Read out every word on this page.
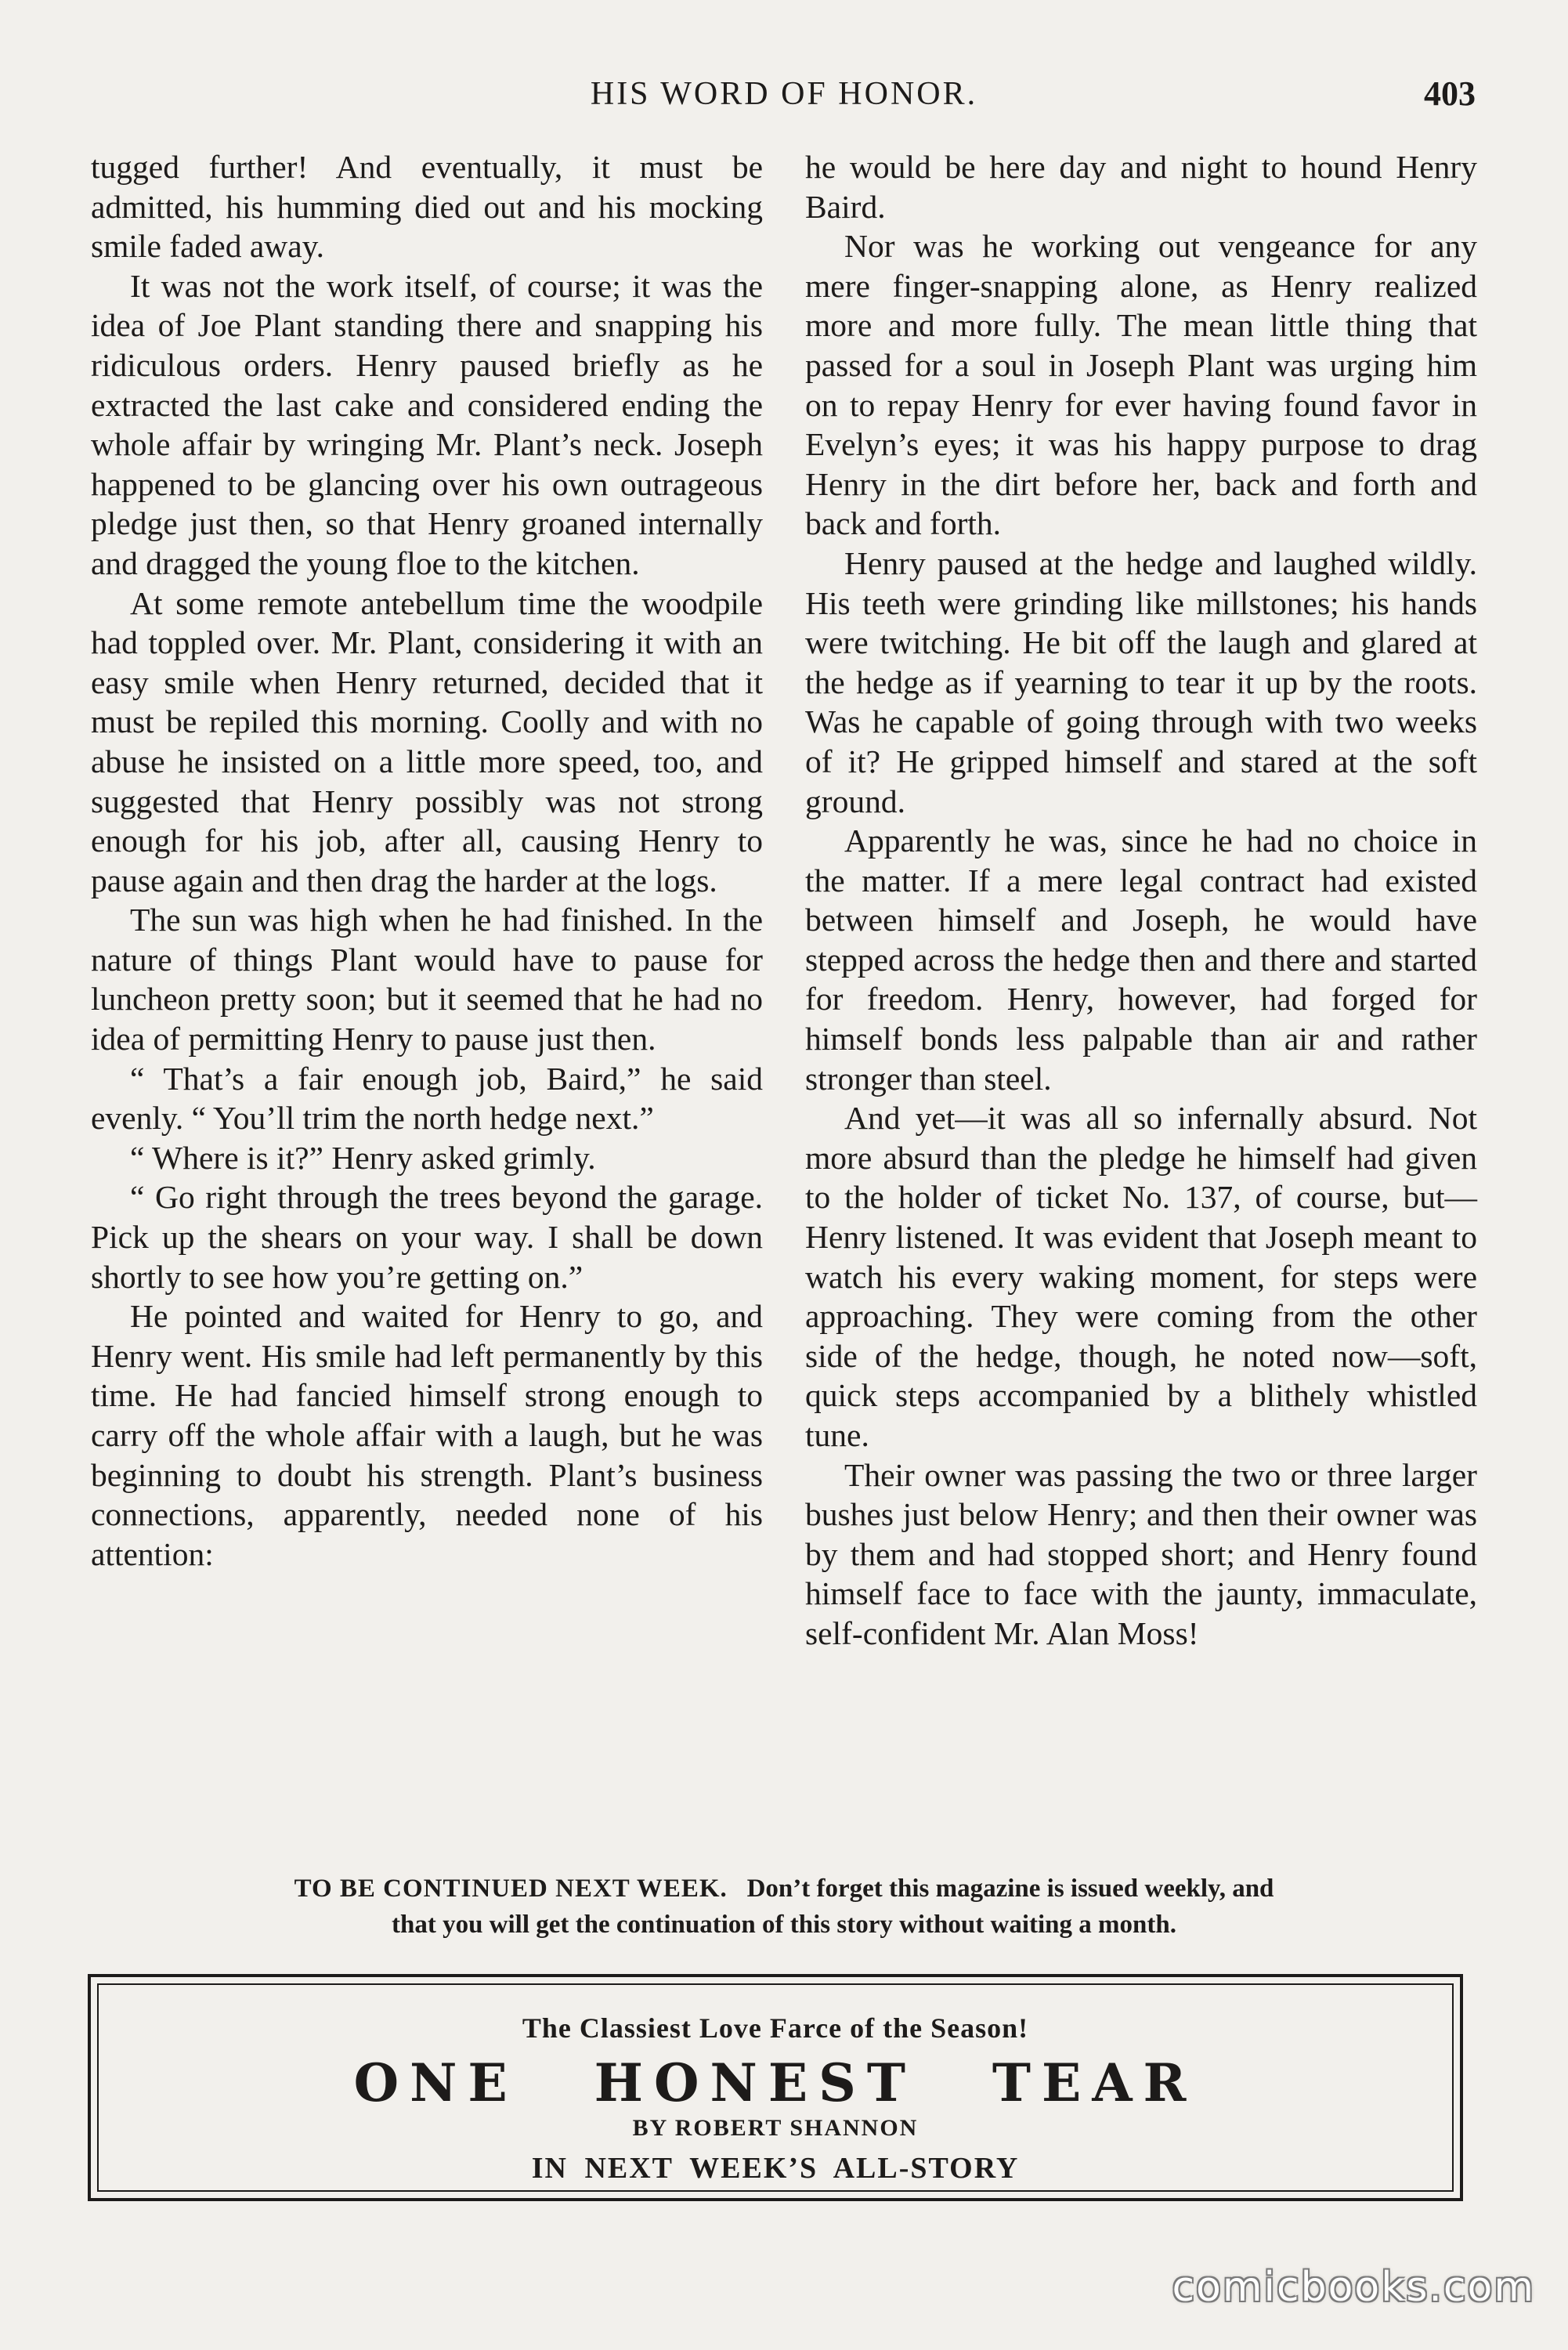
HIS WORD OF HONOR.	403

tugged further! And eventually, it must be admitted, his humming died out and his mocking smile faded away.

It was not the work itself, of course; it was the idea of Joe Plant standing there and snapping his ridiculous orders. Henry paused briefly as he extracted the last cake and considered ending the whole affair by wringing Mr. Plant’s neck. Joseph happened to be glancing over his own outrageous pledge just then, so that Henry groaned internally and dragged the young floe to the kitchen.

At some remote antebellum time the woodpile had toppled over. Mr. Plant, considering it with an easy smile when Henry returned, decided that it must be repiled this morning. Coolly and with no abuse he insisted on a little more speed, too, and suggested that Henry possibly was not strong enough for his job, after all, causing Henry to pause again and then drag the harder at the logs.

The sun was high when he had finished. In the nature of things Plant would have to pause for luncheon pretty soon; but it seemed that he had no idea of permitting Henry to pause just then.

“ That’s a fair enough job, Baird,” he said evenly. “ You’ll trim the north hedge next.”

“ Where is it?” Henry asked grimly.

“ Go right through the trees beyond the garage. Pick up the shears on your way. I shall be down shortly to see how you’re getting on.”

He pointed and waited for Henry to go, and Henry went. His smile had left permanently by this time. He had fancied himself strong enough to carry off the whole affair with a laugh, but he was beginning to doubt his strength. Plant’s business connections, apparently, needed none of his attention:

he would be here day and night to hound Henry Baird.

Nor was he working out vengeance for any mere finger-snapping alone, as Henry realized more and more fully. The mean little thing that passed for a soul in Joseph Plant was urging him on to repay Henry for ever having found favor in Evelyn’s eyes; it was his happy purpose to drag Henry in the dirt before her, back and forth and back and forth.

Henry paused at the hedge and laughed wildly. His teeth were grinding like millstones; his hands were twitching. He bit off the laugh and glared at the hedge as if yearning to tear it up by the roots. Was he capable of going through with two weeks of it? He gripped himself and stared at the soft ground.

Apparently he was, since he had no choice in the matter. If a mere legal contract had existed between himself and Joseph, he would have stepped across the hedge then and there and started for freedom. Henry, however, had forged for himself bonds less palpable than air and rather stronger than steel.

And yet—it was all so infernally absurd. Not more absurd than the pledge he himself had given to the holder of ticket No. 137, of course, but— Henry listened. It was evident that Joseph meant to watch his every waking moment, for steps were approaching. They were coming from the other side of the hedge, though, he noted now—soft, quick steps accompanied by a blithely whistled tune.

Their owner was passing the two or three larger bushes just below Henry; and then their owner was by them and had stopped short; and Henry found himself face to face with the jaunty, immaculate, self-confident Mr. Alan Moss!

TO BE CONTINUED NEXT WEEK. Don’t forget this magazine is issued weekly, and
that you will get the continuation of this story without waiting a month.
The Classiest Love Farce of the Season!
ONE HONEST TEAR
BY ROBERT SHANNON
IN NEXT WEEK’S ALL-STORY
comicbooks.com
